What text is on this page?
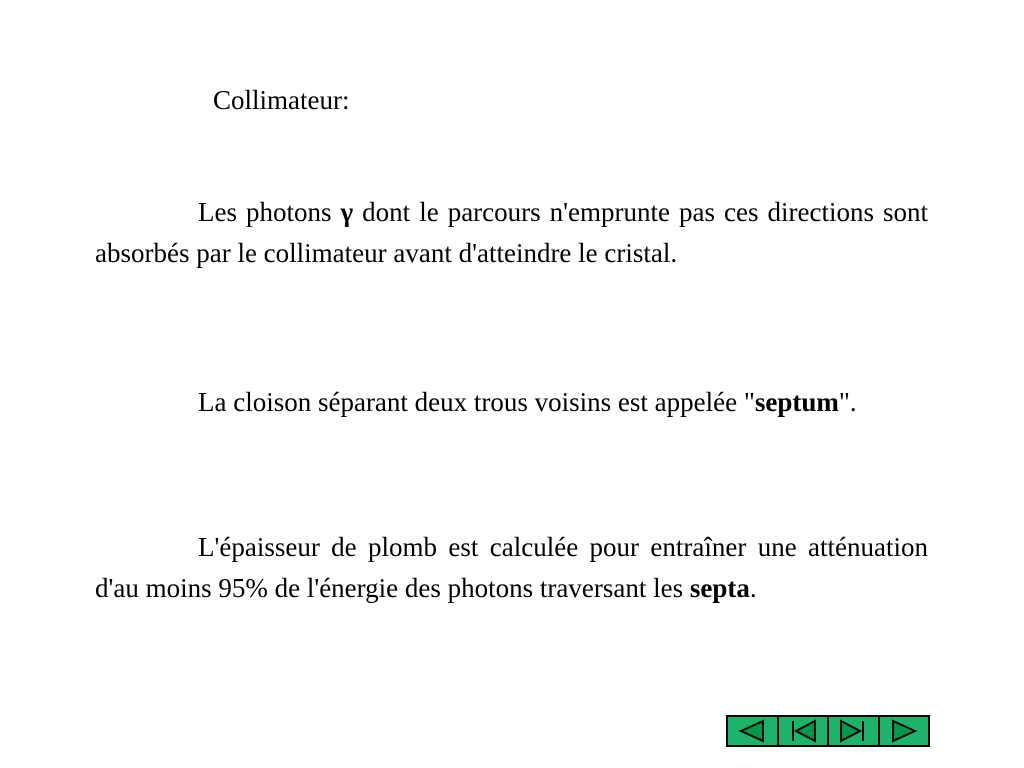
Collimateur:

Les photons γ dont le parcours n'emprunte pas ces directions sont absorbés par le collimateur avant d'atteindre le cristal.

La cloison séparant deux trous voisins est appelée "septum".

L'épaisseur de plomb est calculée pour entraîner une atténuation d'au moins 95% de l'énergie des photons traversant les septa.
